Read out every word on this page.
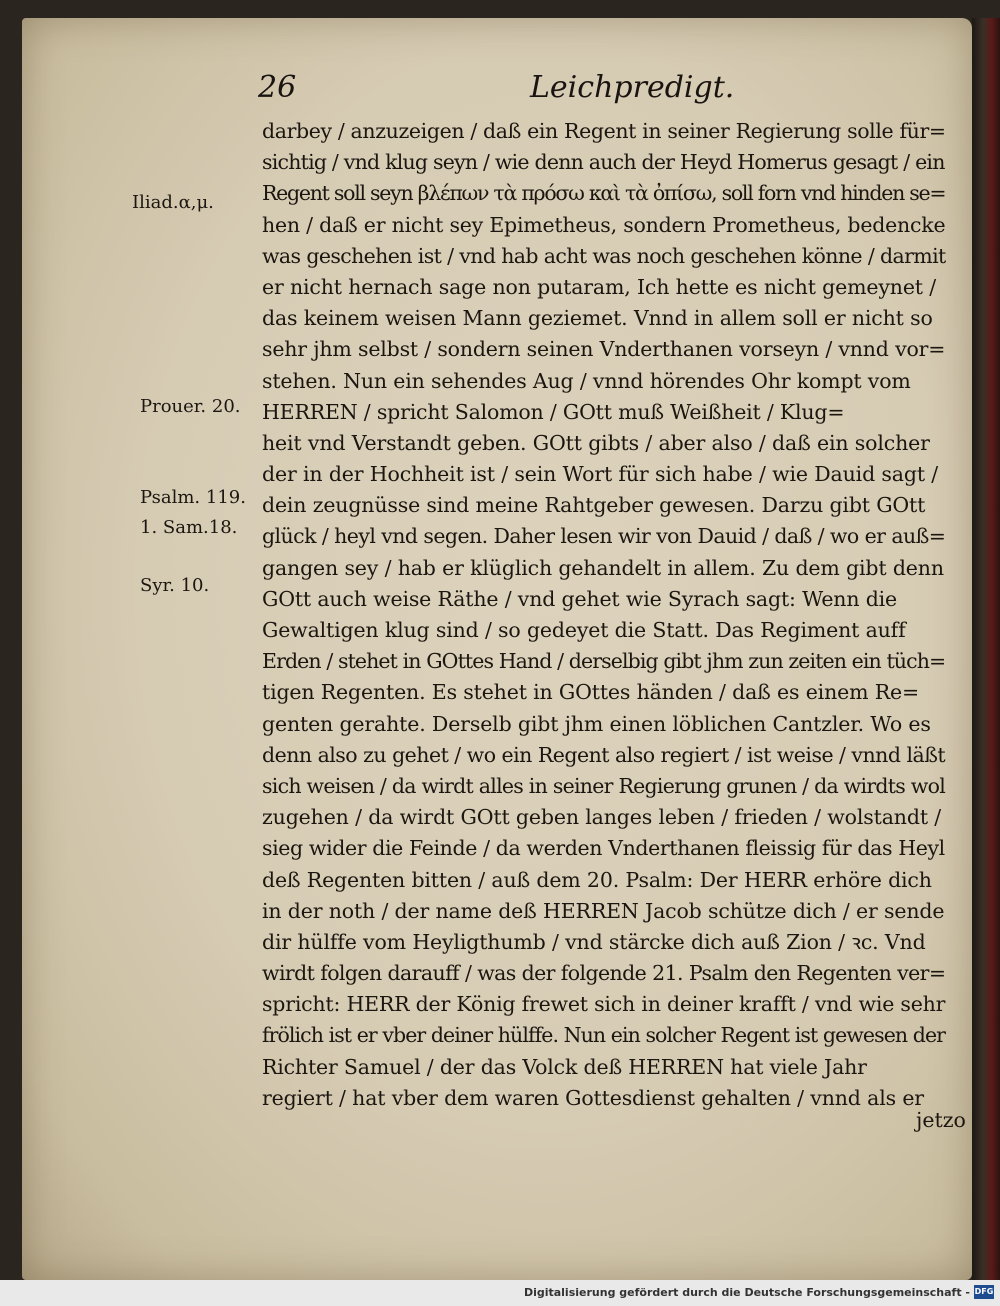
26	Leichpredigt.
Iliad.α,μ.
Prouer. 20.
Psalm. 119.
1. Sam.18.
Syr. 10.
darbey / anzuzeigen / daß ein Regent in seiner Regierung solle für=
sichtig / vnd klug seyn / wie denn auch der Heyd Homerus gesagt / ein
Regent soll seyn βλέπων τὰ πρόσω καὶ τὰ ὀπίσω, soll forn vnd hinden se=
hen / daß er nicht sey Epimetheus, sondern Prometheus, bedencke
was geschehen ist / vnd hab acht was noch geschehen könne / darmit
er nicht hernach sage non putaram, Ich hette es nicht gemeynet /
das keinem weisen Mann geziemet. Vnnd in allem soll er nicht so
sehr jhm selbst / sondern seinen Vnderthanen vorseyn / vnnd vor=
stehen. Nun ein sehendes Aug / vnnd hörendes Ohr kompt vom
HERREN / spricht Salomon / GOtt muß Weißheit / Klug=
heit vnd Verstandt geben. GOtt gibts / aber also / daß ein solcher
der in der Hochheit ist / sein Wort für sich habe / wie Dauid sagt /
dein zeugnüsse sind meine Rahtgeber gewesen. Darzu gibt GOtt
glück / heyl vnd segen. Daher lesen wir von Dauid / daß / wo er auß=
gangen sey / hab er klüglich gehandelt in allem. Zu dem gibt denn
GOtt auch weise Räthe / vnd gehet wie Syrach sagt: Wenn die
Gewaltigen klug sind / so gedeyet die Statt. Das Regiment auff
Erden / stehet in GOttes Hand / derselbig gibt jhm zun zeiten ein tüch=
tigen Regenten. Es stehet in GOttes händen / daß es einem Re=
genten gerahte. Derselb gibt jhm einen löblichen Cantzler. Wo es
denn also zu gehet / wo ein Regent also regiert / ist weise / vnnd läßt
sich weisen / da wirdt alles in seiner Regierung grunen / da wirdts wol
zugehen / da wirdt GOtt geben langes leben / frieden / wolstandt /
sieg wider die Feinde / da werden Vnderthanen fleissig für das Heyl
deß Regenten bitten / auß dem 20. Psalm: Der HERR erhöre dich
in der noth / der name deß HERREN Jacob schütze dich / er sende
dir hülffe vom Heyligthumb / vnd stärcke dich auß Zion / ꝛc. Vnd
wirdt folgen darauff / was der folgende 21. Psalm den Regenten ver=
spricht: HERR der König frewet sich in deiner krafft / vnd wie sehr
frölich ist er vber deiner hülffe. Nun ein solcher Regent ist gewesen der
Richter Samuel / der das Volck deß HERREN hat viele Jahr
regiert / hat vber dem waren Gottesdienst gehalten / vnnd als er
jetzo
Digitalisierung gefördert durch die Deutsche Forschungsgemeinschaft - DFG
